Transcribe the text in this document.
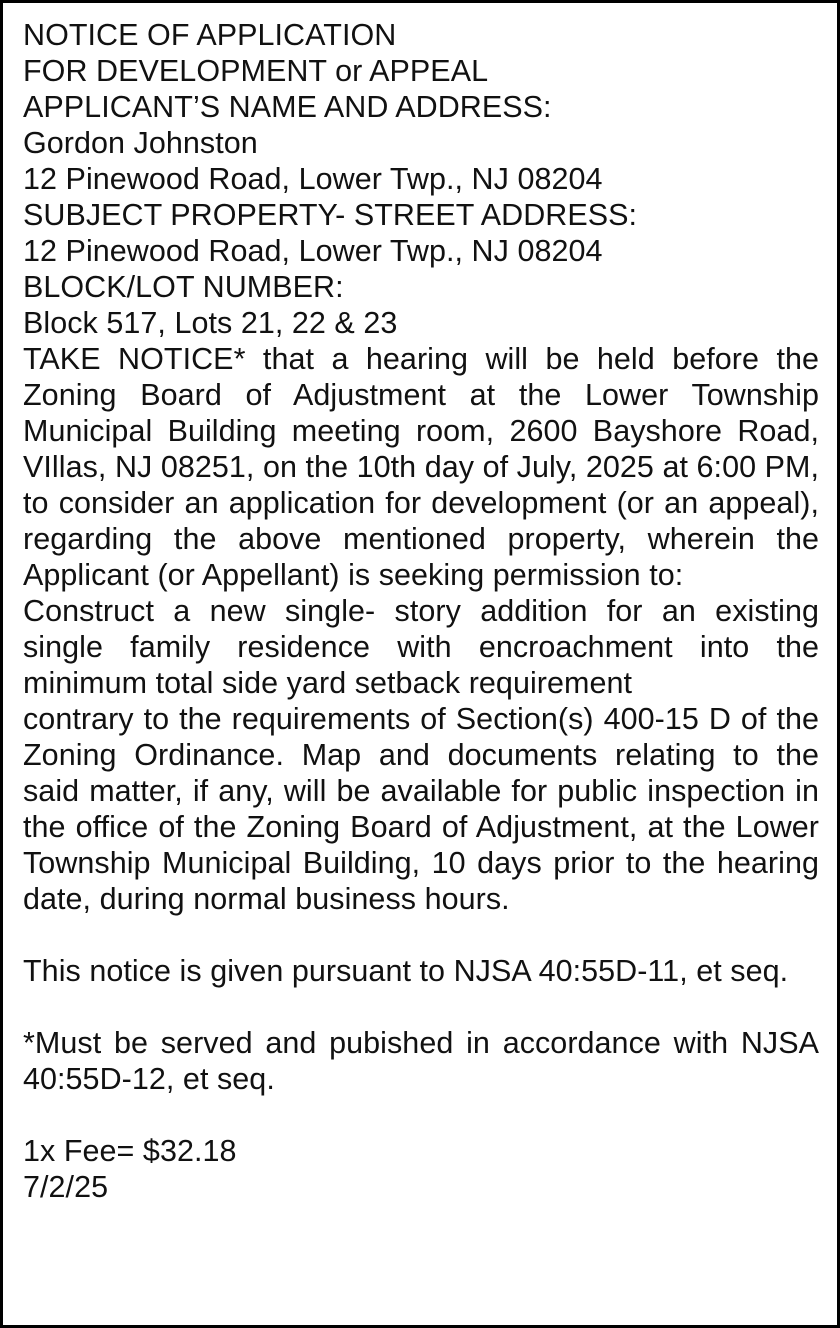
NOTICE OF APPLICATION
FOR DEVELOPMENT or APPEAL
APPLICANT’S NAME AND ADDRESS:
Gordon Johnston
12 Pinewood Road, Lower Twp., NJ 08204
SUBJECT PROPERTY- STREET ADDRESS:
12 Pinewood Road, Lower Twp., NJ 08204
BLOCK/LOT NUMBER:
Block 517, Lots 21, 22 & 23
TAKE NOTICE* that a hearing will be held before the Zoning Board of Adjustment at the Lower Township Municipal Building meeting room, 2600 Bayshore Road, VIllas, NJ 08251, on the 10th day of July, 2025 at 6:00 PM, to consider an application for development (or an appeal), regarding the above mentioned property, wherein the Applicant (or Appellant) is seeking permission to:
Construct a new single- story addition for an existing single family residence with encroachment into the minimum total side yard setback requirement
contrary to the requirements of Section(s) 400-15 D of the Zoning Ordinance. Map and documents relating to the said matter, if any, will be available for public inspection in the office of the Zoning Board of Adjustment, at the Lower Township Municipal Building, 10 days prior to the hearing date, during normal business hours.
This notice is given pursuant to NJSA 40:55D-11, et seq.
*Must be served and pubished in accordance with NJSA 40:55D-12, et seq.
1x Fee= $32.18
7/2/25
